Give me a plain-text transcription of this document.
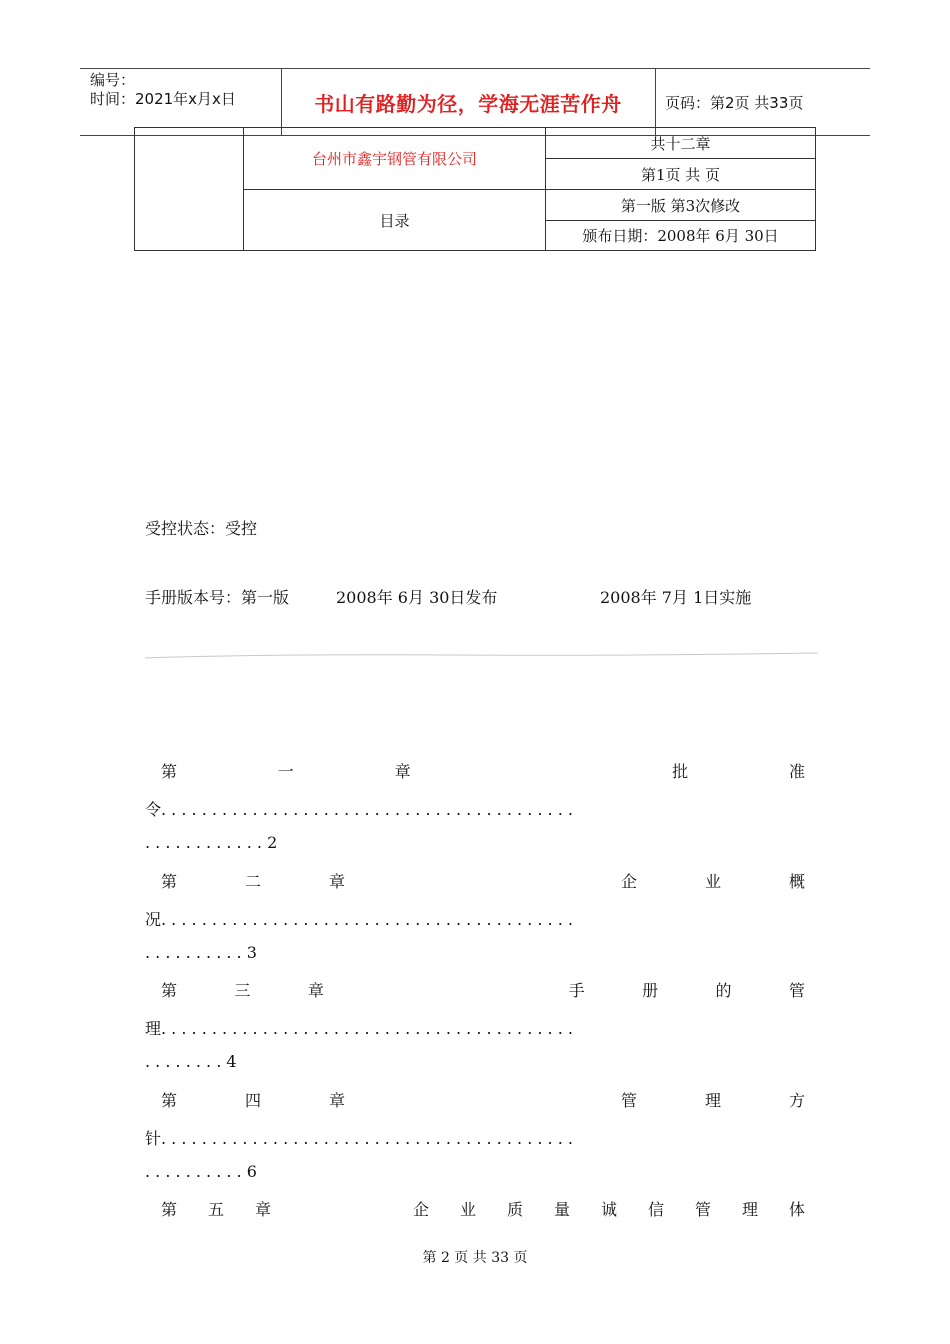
编号：
时间：2021年x月x日	书山有路勤为径，学海无涯苦作舟	页码：第2页 共33页
	台州市鑫宇钢管有限公司	共十二章
		第1页 共 页
	目录	第一版 第3次修改
		颁布日期：2008年 6月 30日
受控状态：受控
手册版本号：第一版	2008年 6月 30日发布	2008年 7月 1日实施
第	一	章	批	准
令. . . . . . . . . . . . . . . . . . . . . . . . . . . . . . . . . . . . . . . . .
. . . . . . . . . . . . 2
第	二	章	企	业	概
况. . . . . . . . . . . . . . . . . . . . . . . . . . . . . . . . . . . . . . . . .
. . . . . . . . . . 3
第	三	章	手	册	的	管
理. . . . . . . . . . . . . . . . . . . . . . . . . . . . . . . . . . . . . . . . .
. . . . . . . . 4
第	四	章	管	理	方
针. . . . . . . . . . . . . . . . . . . . . . . . . . . . . . . . . . . . . . . . .
. . . . . . . . . . 6
第 五 章	企 业 质 量 诚 信 管 理 体
第 2 页 共 33 页
